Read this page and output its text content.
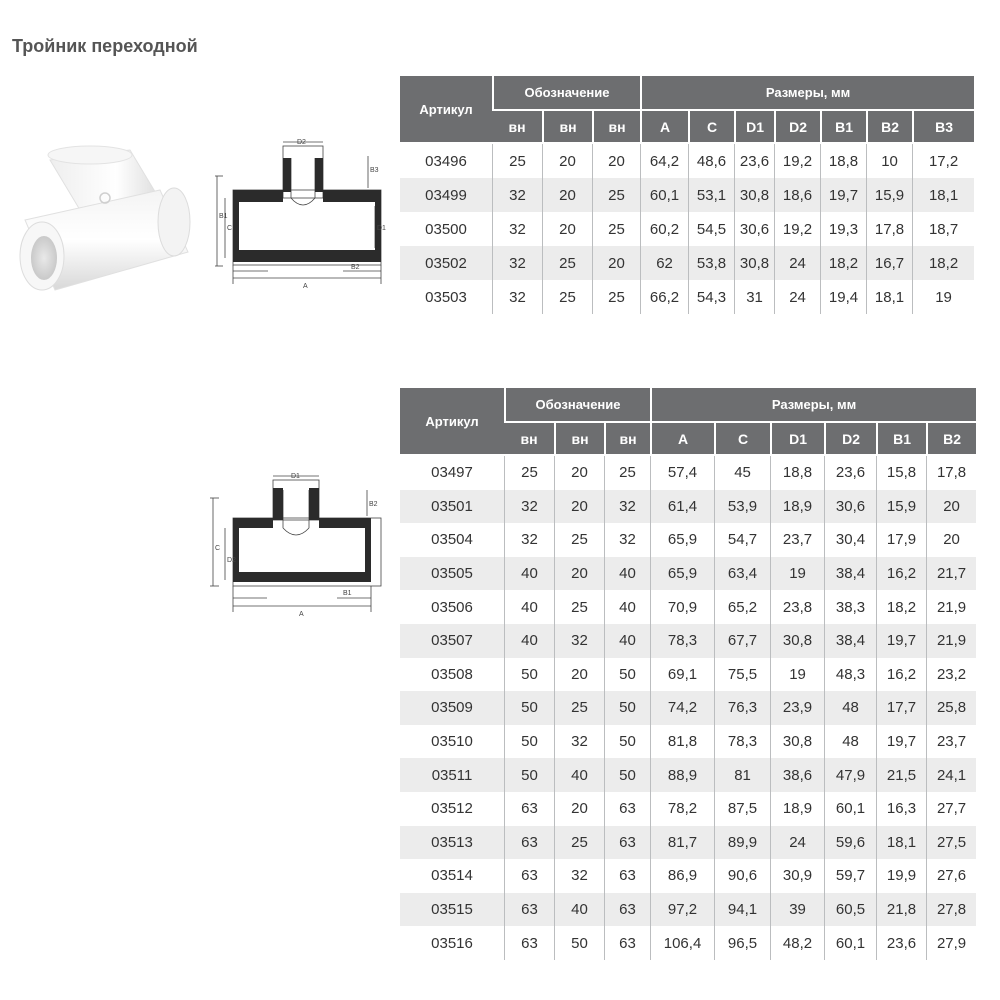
Тройник переходной
D2
B3
B1
C	D1
B2
A
D1
B2
C
D2
B1
A
Артикул	Обозначение			Размеры, мм						
	вн	вн	вн	A	C	D1	D2	B1	B2	B3
03496	25	20	20	64,2	48,6	23,6	19,2	18,8	10	17,2
03499	32	20	25	60,1	53,1	30,8	18,6	19,7	15,9	18,1
03500	32	20	25	60,2	54,5	30,6	19,2	19,3	17,8	18,7
03502	32	25	20	62	53,8	30,8	24	18,2	16,7	18,2
03503	32	25	25	66,2	54,3	31	24	19,4	18,1	19
Артикул	Обозначение			Размеры, мм					
	вн	вн	вн	A	C	D1	D2	B1	B2
03497	25	20	25	57,4	45	18,8	23,6	15,8	17,8
03501	32	20	32	61,4	53,9	18,9	30,6	15,9	20
03504	32	25	32	65,9	54,7	23,7	30,4	17,9	20
03505	40	20	40	65,9	63,4	19	38,4	16,2	21,7
03506	40	25	40	70,9	65,2	23,8	38,3	18,2	21,9
03507	40	32	40	78,3	67,7	30,8	38,4	19,7	21,9
03508	50	20	50	69,1	75,5	19	48,3	16,2	23,2
03509	50	25	50	74,2	76,3	23,9	48	17,7	25,8
03510	50	32	50	81,8	78,3	30,8	48	19,7	23,7
03511	50	40	50	88,9	81	38,6	47,9	21,5	24,1
03512	63	20	63	78,2	87,5	18,9	60,1	16,3	27,7
03513	63	25	63	81,7	89,9	24	59,6	18,1	27,5
03514	63	32	63	86,9	90,6	30,9	59,7	19,9	27,6
03515	63	40	63	97,2	94,1	39	60,5	21,8	27,8
03516	63	50	63	106,4	96,5	48,2	60,1	23,6	27,9
